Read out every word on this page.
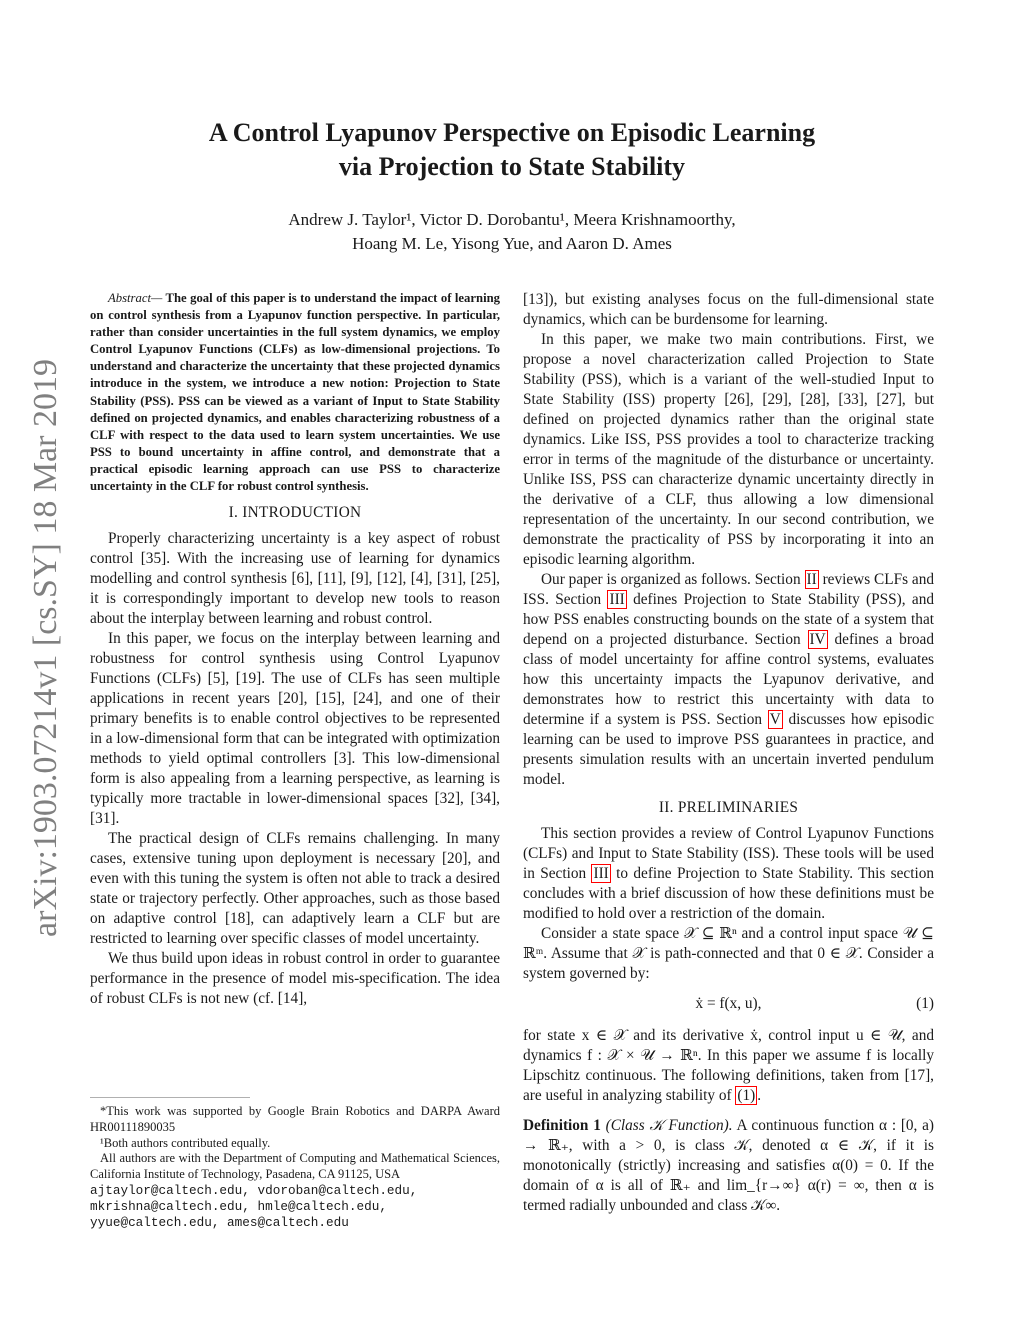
arXiv:1903.07214v1 [cs.SY] 18 Mar 2019
A Control Lyapunov Perspective on Episodic Learning
via Projection to State Stability
Andrew J. Taylor¹, Victor D. Dorobantu¹, Meera Krishnamoorthy,
Hoang M. Le, Yisong Yue, and Aaron D. Ames

Abstract— The goal of this paper is to understand the impact of learning on control synthesis from a Lyapunov function perspective. In particular, rather than consider uncertainties in the full system dynamics, we employ Control Lyapunov Functions (CLFs) as low-dimensional projections. To understand and characterize the uncertainty that these projected dynamics introduce in the system, we introduce a new notion: Projection to State Stability (PSS). PSS can be viewed as a variant of Input to State Stability defined on projected dynamics, and enables characterizing robustness of a CLF with respect to the data used to learn system uncertainties. We use PSS to bound uncertainty in affine control, and demonstrate that a practical episodic learning approach can use PSS to characterize uncertainty in the CLF for robust control synthesis.

I. INTRODUCTION

Properly characterizing uncertainty is a key aspect of robust control [35]. With the increasing use of learning for dynamics modelling and control synthesis [6], [11], [9], [12], [4], [31], [25], it is correspondingly important to develop new tools to reason about the interplay between learning and robust control.

In this paper, we focus on the interplay between learning and robustness for control synthesis using Control Lyapunov Functions (CLFs) [5], [19]. The use of CLFs has seen multiple applications in recent years [20], [15], [24], and one of their primary benefits is to enable control objectives to be represented in a low-dimensional form that can be integrated with optimization methods to yield optimal controllers [3]. This low-dimensional form is also appealing from a learning perspective, as learning is typically more tractable in lower-dimensional spaces [32], [34], [31].

The practical design of CLFs remains challenging. In many cases, extensive tuning upon deployment is necessary [20], and even with this tuning the system is often not able to track a desired state or trajectory perfectly. Other approaches, such as those based on adaptive control [18], can adaptively learn a CLF but are restricted to learning over specific classes of model uncertainty.

We thus build upon ideas in robust control in order to guarantee performance in the presence of model mis-specification. The idea of robust CLFs is not new (cf. [14],

*This work was supported by Google Brain Robotics and DARPA Award HR00111890035

¹Both authors contributed equally.

All authors are with the Department of Computing and Mathematical Sciences, California Institute of Technology, Pasadena, CA 91125, USA

ajtaylor@caltech.edu, vdoroban@caltech.edu,
mkrishna@caltech.edu, hmle@caltech.edu,
yyue@caltech.edu, ames@caltech.edu

[13]), but existing analyses focus on the full-dimensional state dynamics, which can be burdensome for learning.

In this paper, we make two main contributions. First, we propose a novel characterization called Projection to State Stability (PSS), which is a variant of the well-studied Input to State Stability (ISS) property [26], [29], [28], [33], [27], but defined on projected dynamics rather than the original state dynamics. Like ISS, PSS provides a tool to characterize tracking error in terms of the magnitude of the disturbance or uncertainty. Unlike ISS, PSS can characterize dynamic uncertainty directly in the derivative of a CLF, thus allowing a low dimensional representation of the uncertainty. In our second contribution, we demonstrate the practicality of PSS by incorporating it into an episodic learning algorithm.

Our paper is organized as follows. Section II reviews CLFs and ISS. Section III defines Projection to State Stability (PSS), and how PSS enables constructing bounds on the state of a system that depend on a projected disturbance. Section IV defines a broad class of model uncertainty for affine control systems, evaluates how this uncertainty impacts the Lyapunov derivative, and demonstrates how to restrict this uncertainty with data to determine if a system is PSS. Section V discusses how episodic learning can be used to improve PSS guarantees in practice, and presents simulation results with an uncertain inverted pendulum model.

II. PRELIMINARIES

This section provides a review of Control Lyapunov Functions (CLFs) and Input to State Stability (ISS). These tools will be used in Section III to define Projection to State Stability. This section concludes with a brief discussion of how these definitions must be modified to hold over a restriction of the domain.

Consider a state space 𝒳 ⊆ ℝⁿ and a control input space 𝒰 ⊆ ℝᵐ. Assume that 𝒳 is path-connected and that 0 ∈ 𝒳. Consider a system governed by:

ẋ = f(x, u),	(1)

for state x ∈ 𝒳 and its derivative ẋ, control input u ∈ 𝒰, and dynamics f : 𝒳 × 𝒰 → ℝⁿ. In this paper we assume f is locally Lipschitz continuous. The following definitions, taken from [17], are useful in analyzing stability of (1) .

Definition 1 (Class 𝒦 Function). A continuous function α : [0, a) → ℝ₊, with a > 0, is class 𝒦, denoted α ∈ 𝒦, if it is monotonically (strictly) increasing and satisfies α(0) = 0. If the domain of α is all of ℝ₊ and lim_{r→∞} α(r) = ∞, then α is termed radially unbounded and class 𝒦∞.
